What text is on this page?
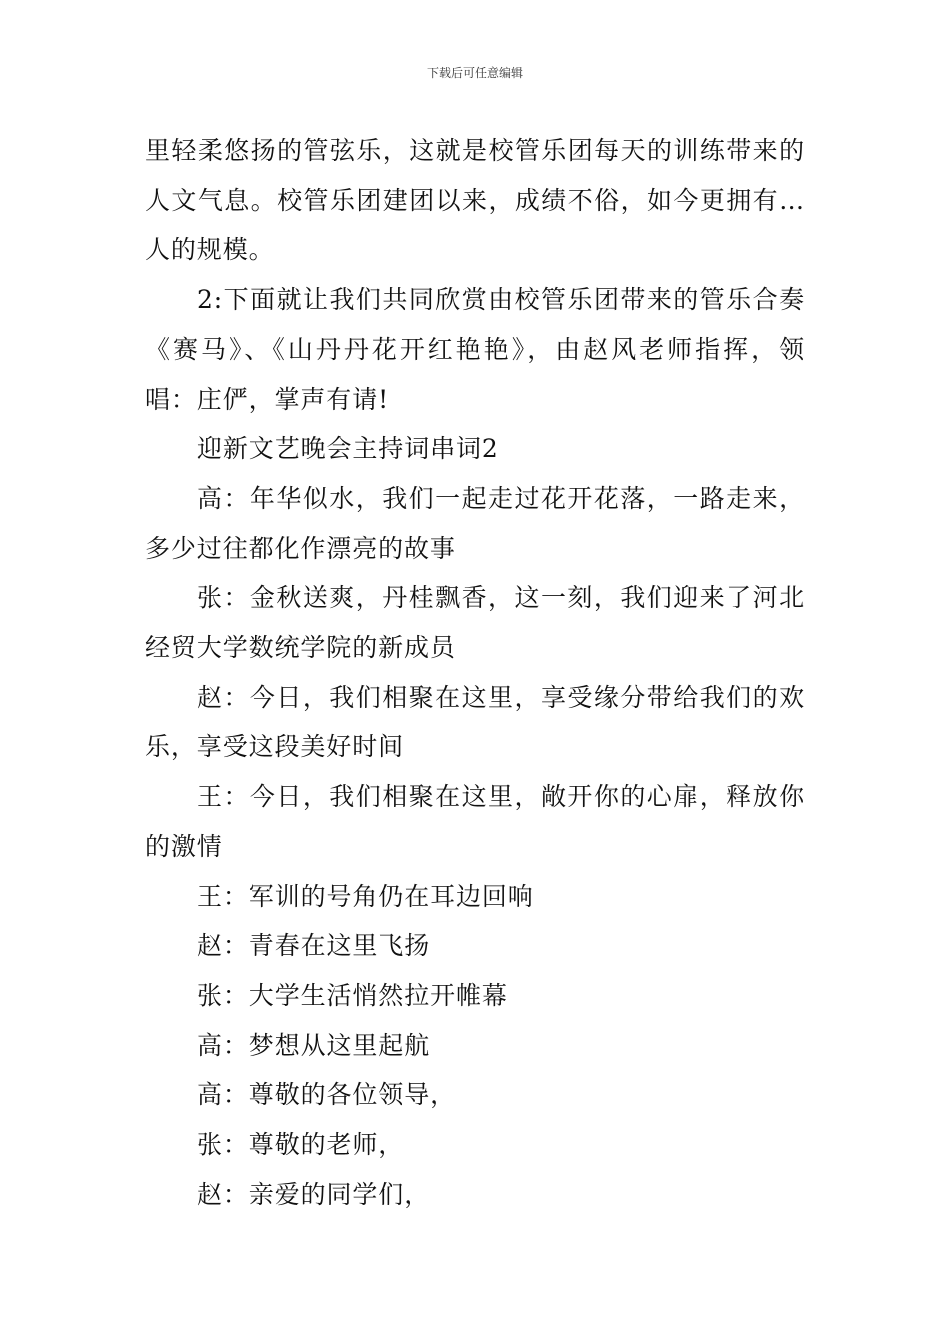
下载后可任意编辑

里轻柔悠扬的管弦乐，这就是校管乐团每天的训练带来的人文气息。校管乐团建团以来，成绩不俗，如今更拥有…人的规模。

2:下面就让我们共同欣赏由校管乐团带来的管乐合奏《赛马》、《山丹丹花开红艳艳》，由赵风老师指挥，领唱：庄俨，掌声有请!

迎新文艺晚会主持词串词2

高：年华似水，我们一起走过花开花落，一路走来，多少过往都化作漂亮的故事

张：金秋送爽，丹桂飘香，这一刻，我们迎来了河北经贸大学数统学院的新成员

赵：今日，我们相聚在这里，享受缘分带给我们的欢乐，享受这段美好时间

王：今日，我们相聚在这里，敞开你的心扉，释放你的激情

王：军训的号角仍在耳边回响

赵：青春在这里飞扬

张：大学生活悄然拉开帷幕

高：梦想从这里起航

高：尊敬的各位领导，

张：尊敬的老师，

赵：亲爱的同学们，
